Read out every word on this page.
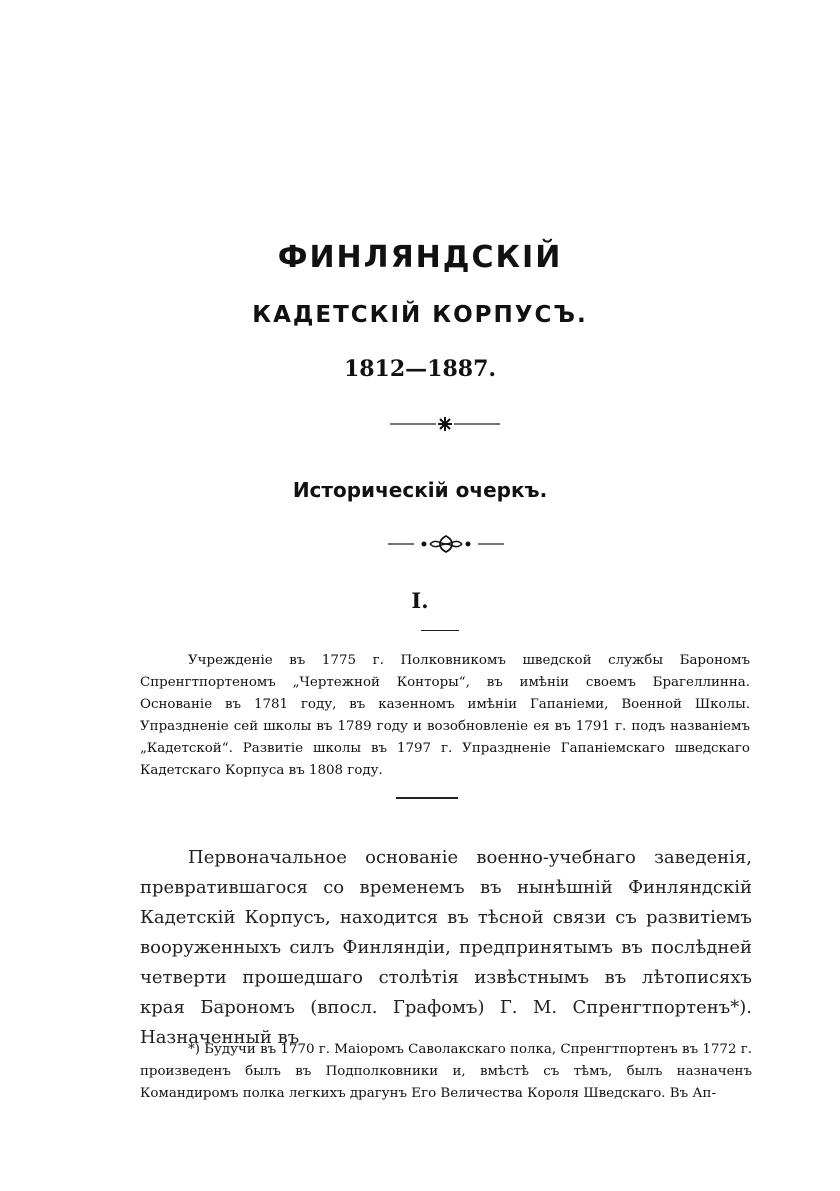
ФИНЛЯНДСКІЙ
КАДЕТСКІЙ КОРПУСЪ.
1812—1887.
Историческій очеркъ.
I.

Учрежденіе въ 1775 г. Полковникомъ шведской службы Барономъ Спренгтпортеномъ „Чертежной Конторы“, въ имѣніи своемъ Брагеллинна. Основаніе въ 1781 году, въ казенномъ имѣніи Гапаніеми, Военной Школы. Упраздненіе сей школы въ 1789 году и возобновленіе ея въ 1791 г. подъ названіемъ „Кадетской“. Развитіе школы въ 1797 г. Упраздненіе Гапаніемскаго шведскаго Кадетскаго Корпуса въ 1808 году.

Первоначальное основаніе военно-учебнаго заведенія, превратившагося со временемъ въ нынѣшній Финляндскій Кадетскій Корпусъ, находится въ тѣсной связи съ развитіемъ вооруженныхъ силъ Финляндіи, предпринятымъ въ послѣдней четверти прошедшаго столѣтія извѣстнымъ въ лѣтописяхъ края Барономъ (впосл. Графомъ) Г. М. Спренгтпортенъ*). Назначенный въ

*) Будучи въ 1770 г. Маіоромъ Саволакскаго полка, Спренгтпортенъ въ 1772 г. произведенъ былъ въ Подполковники и, вмѣстѣ съ тѣмъ, былъ назначенъ Командиромъ полка легкихъ драгунъ Его Величества Короля Шведскаго. Въ Ап-
